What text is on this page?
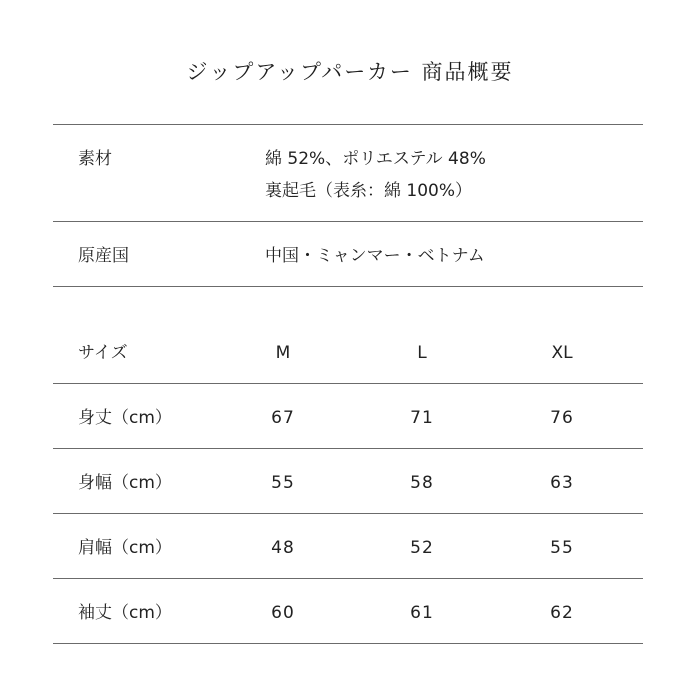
ジップアップパーカー 商品概要
素材	綿 52%、ポリエステル 48%
裏起毛（表糸：綿 100%）
原産国	中国・ミャンマー・ベトナム
サイズ	M	L	XL
身丈（cm）	67	71	76
身幅（cm）	55	58	63
肩幅（cm）	48	52	55
袖丈（cm）	60	61	62
